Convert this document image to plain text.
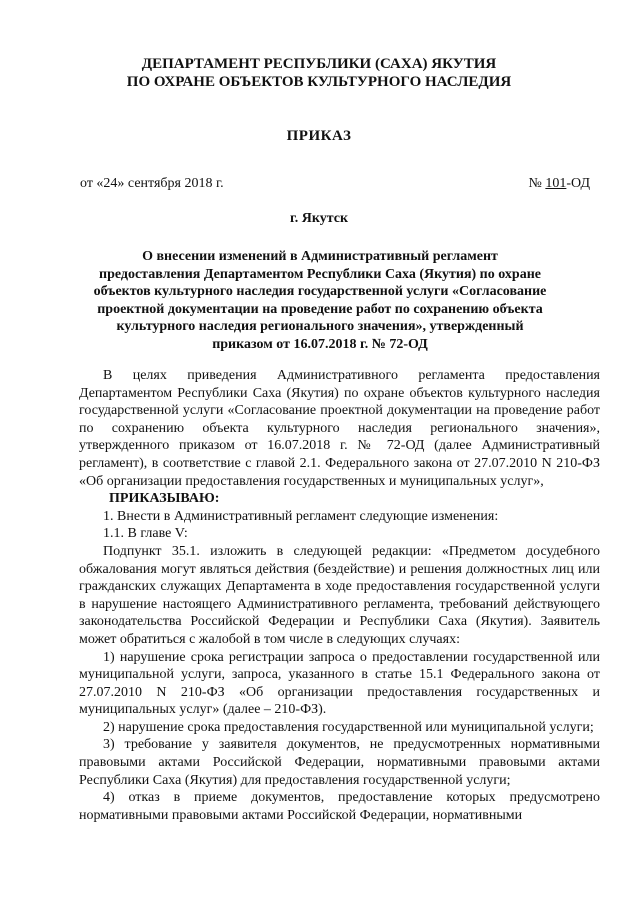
ДЕПАРТАМЕНТ РЕСПУБЛИКИ (САХА) ЯКУТИЯ
ПО ОХРАНЕ ОБЪЕКТОВ КУЛЬТУРНОГО НАСЛЕДИЯ
ПРИКАЗ
от «24» сентября 2018 г.	№ 101-ОД
г. Якутск
О внесении изменений в Административный регламент предоставления Департаментом Республики Саха (Якутия) по охране объектов культурного наследия государственной услуги «Согласование проектной документации на проведение работ по сохранению объекта культурного наследия регионального значения», утвержденный приказом от 16.07.2018 г. № 72-ОД

В целях приведения Административного регламента предоставления Департаментом Республики Саха (Якутия) по охране объектов культурного наследия государственной услуги «Согласование проектной документации на проведение работ по сохранению объекта культурного наследия регионального значения», утвержденного приказом от 16.07.2018 г. № 72-ОД (далее Административный регламент), в соответствие с главой 2.1. Федерального закона от 27.07.2010 N 210-ФЗ «Об организации предоставления государственных и муниципальных услуг»,

ПРИКАЗЫВАЮ:

1. Внести в Административный регламент следующие изменения:

1.1. В главе V:

Подпункт 35.1. изложить в следующей редакции: «Предметом досудебного обжалования могут являться действия (бездействие) и решения должностных лиц или гражданских служащих Департамента в ходе предоставления государственной услуги в нарушение настоящего Административного регламента, требований действующего законодательства Российской Федерации и Республики Саха (Якутия). Заявитель может обратиться с жалобой в том числе в следующих случаях:

1) нарушение срока регистрации запроса о предоставлении государственной или муниципальной услуги, запроса, указанного в статье 15.1 Федерального закона от 27.07.2010 N 210-ФЗ «Об организации предоставления государственных и муниципальных услуг» (далее – 210-ФЗ).

2) нарушение срока предоставления государственной или муниципальной услуги;

3) требование у заявителя документов, не предусмотренных нормативными правовыми актами Российской Федерации, нормативными правовыми актами Республики Саха (Якутия) для предоставления государственной услуги;

4) отказ в приеме документов, предоставление которых предусмотрено нормативными правовыми актами Российской Федерации, нормативными
